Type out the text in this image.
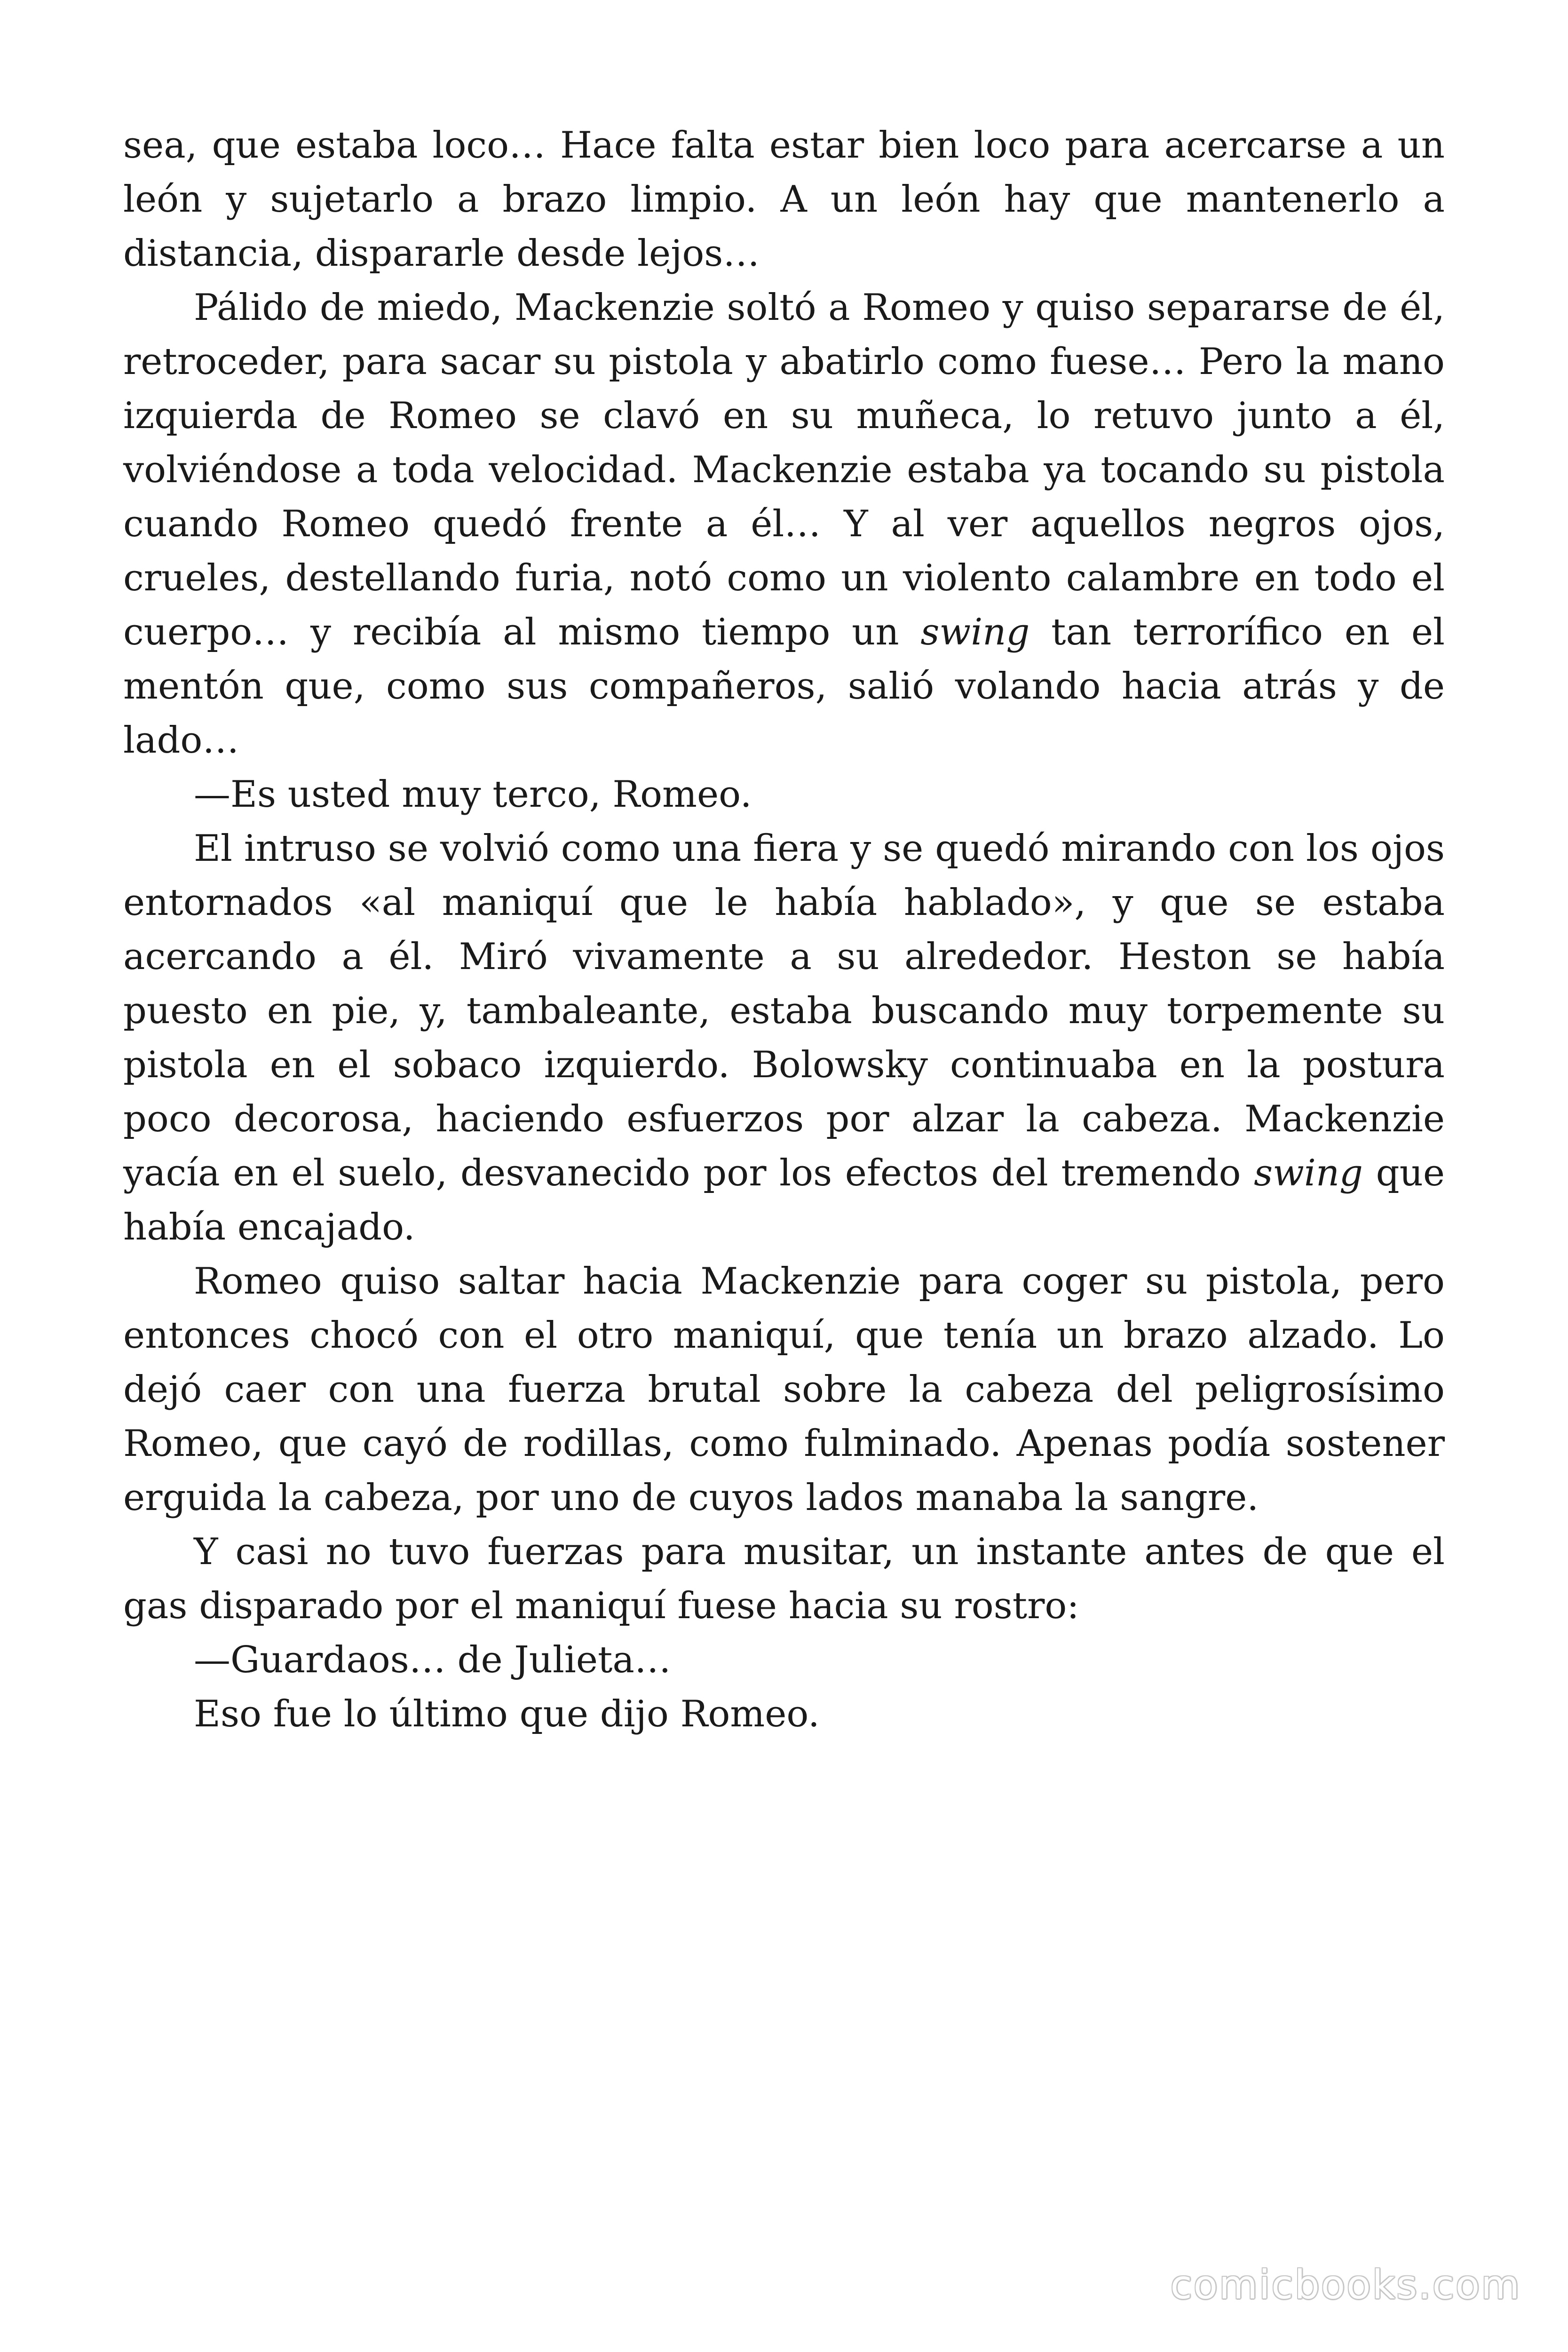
sea, que estaba loco… Hace falta estar bien loco para acercarse a un león y sujetarlo a brazo limpio. A un león hay que mantenerlo a distancia, dispararle desde lejos…

Pálido de miedo, Mackenzie soltó a Romeo y quiso separarse de él, retroceder, para sacar su pistola y abatirlo como fuese… Pero la mano izquierda de Romeo se clavó en su muñeca, lo retuvo junto a él, volviéndose a toda velocidad. Mackenzie estaba ya tocando su pistola cuando Romeo quedó frente a él… Y al ver aquellos negros ojos, crueles, destellando furia, notó como un violento calambre en todo el cuerpo… y recibía al mismo tiempo un swing tan terrorífico en el mentón que, como sus compañeros, salió volando hacia atrás y de lado…

—Es usted muy terco, Romeo.

El intruso se volvió como una fiera y se quedó mirando con los ojos entornados «al maniquí que le había hablado», y que se estaba acercando a él. Miró vivamente a su alrededor. Heston se había puesto en pie, y, tambaleante, estaba buscando muy torpemente su pistola en el sobaco izquierdo. Bolowsky continuaba en la postura poco decorosa, haciendo esfuerzos por alzar la cabeza. Mackenzie yacía en el suelo, desvanecido por los efectos del tremendo swing que había encajado.

Romeo quiso saltar hacia Mackenzie para coger su pistola, pero entonces chocó con el otro maniquí, que tenía un brazo alzado. Lo dejó caer con una fuerza brutal sobre la cabeza del peligrosísimo Romeo, que cayó de rodillas, como fulminado. Apenas podía sostener erguida la cabeza, por uno de cuyos lados manaba la sangre.

Y casi no tuvo fuerzas para musitar, un instante antes de que el gas disparado por el maniquí fuese hacia su rostro:

—Guardaos… de Julieta…

Eso fue lo último que dijo Romeo.

comicbooks.com
